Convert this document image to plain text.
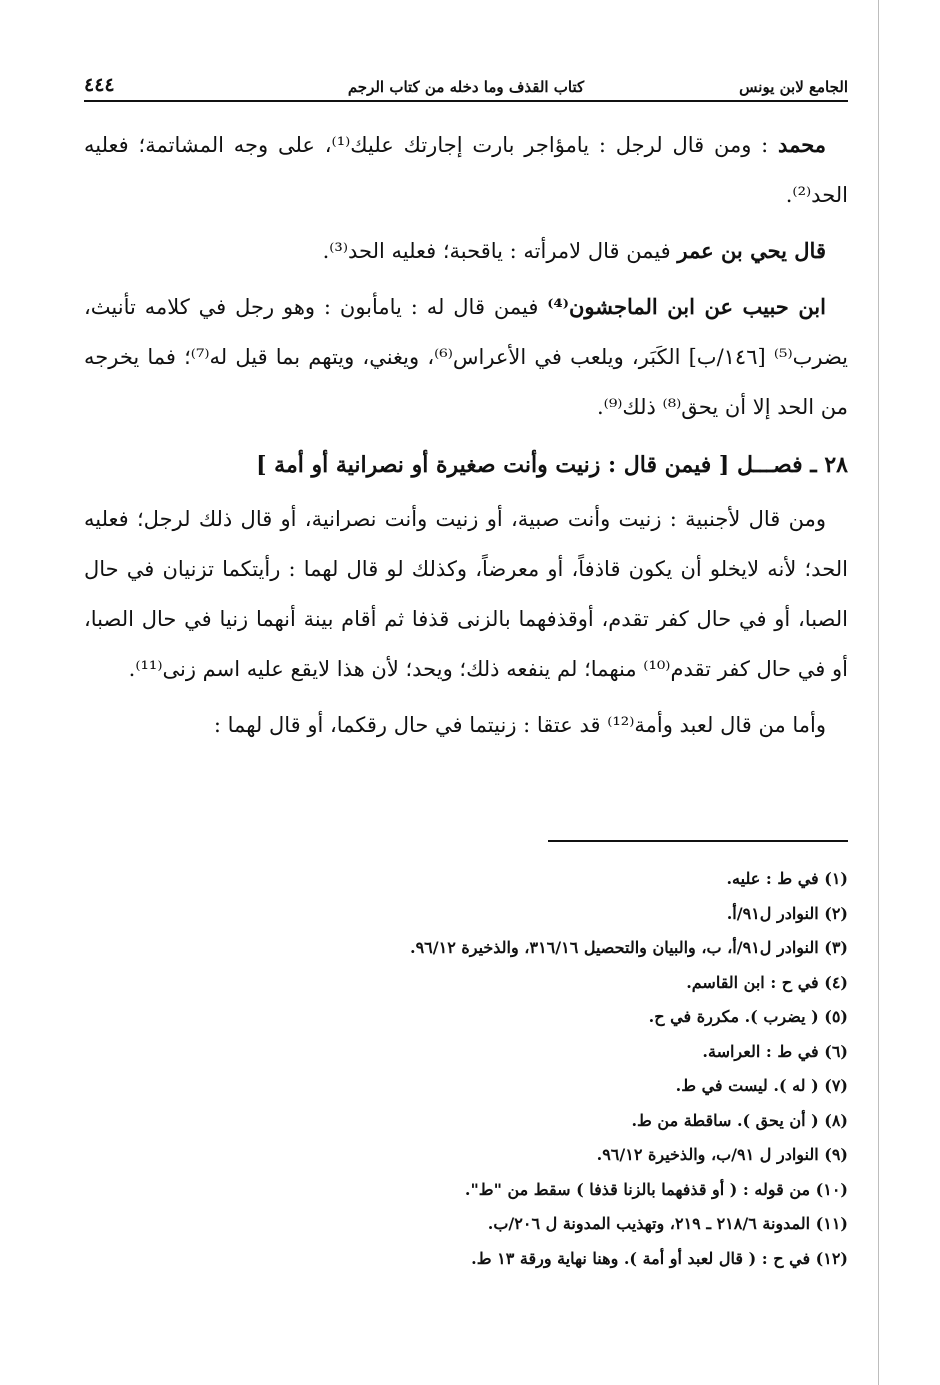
الجامع لابن يونس
كتاب القذف وما دخله من كتاب الرجم
٤٤٤

محمد : ومن قال لرجل : يامؤاجر بارت إجارتك عليك⁽¹⁾، على وجه المشاتمة؛ فعليه الحد⁽²⁾.

قال يحي بن عمر فيمن قال لامرأته : ياقحبة؛ فعليه الحد⁽³⁾.

ابن حبيب عن ابن الماجشون⁽⁴⁾ فيمن قال له : يامأبون : وهو رجل في كلامه تأنيث، يضرب⁽⁵⁾ [١٤٦/ب] الكَبَر، ويلعب في الأعراس⁽⁶⁾، ويغني، ويتهم بما قيل له⁽⁷⁾؛ فما يخرجه من الحد إلا أن يحق⁽⁸⁾ ذلك⁽⁹⁾.

٢٨ ـ فصـــل [ فيمن قال : زنيت وأنت صغيرة أو نصرانية أو أمة ]

ومن قال لأجنبية : زنيت وأنت صبية، أو زنيت وأنت نصرانية، أو قال ذلك لرجل؛ فعليه الحد؛ لأنه لايخلو أن يكون قاذفاً، أو معرضاً، وكذلك لو قال لهما : رأيتكما تزنيان في حال الصبا، أو في حال كفر تقدم، أوقذفهما بالزنى قذفا ثم أقام بينة أنهما زنيا في حال الصبا، أو في حال كفر تقدم⁽¹⁰⁾ منهما؛ لم ينفعه ذلك؛ ويحد؛ لأن هذا لايقع عليه اسم زنى⁽¹¹⁾.

وأما من قال لعبد وأمة⁽¹²⁾ قد عتقا : زنيتما في حال رقكما، أو قال لهما :

(١) في ط : عليه.
(٢) النوادر ل٩١/أ.
(٣) النوادر ل٩١/أ، ب، والبيان والتحصيل ٣١٦/١٦، والذخيرة ٩٦/١٢.
(٤) في ح : ابن القاسم.
(٥) ( يضرب ). مكررة في ح.
(٦) في ط : العراسة.
(٧) ( له ). ليست في ط.
(٨) ( أن يحق ). ساقطة من ط.
(٩) النوادر ل ٩١/ب، والذخيرة ٩٦/١٢.
(١٠) من قوله : ( أو قذفهما بالزنا قذفا ) سقط من "ط".
(١١) المدونة ٢١٨/٦ ـ ٢١٩، وتهذيب المدونة ل ٢٠٦/ب.
(١٢) في ح : ( قال لعبد أو أمة ). وهنا نهاية ورقة ١٣ ط.
